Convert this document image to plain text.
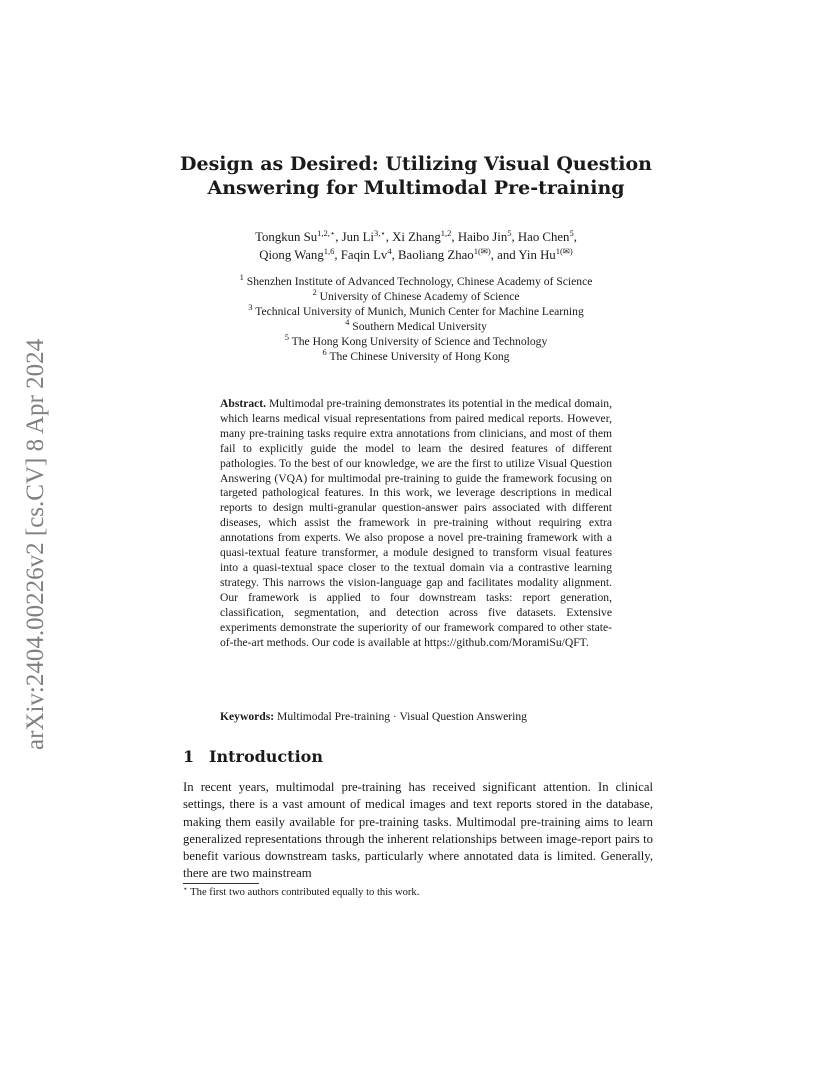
arXiv:2404.00226v2 [cs.CV] 8 Apr 2024
Design as Desired: Utilizing Visual Question
Answering for Multimodal Pre-training
Tongkun $Su^{1,2,⋆}$, Jun $Li^{3,⋆}$, Xi Zhang$^{1,2}$, Haibo Jin$^5$, Hao Chen$^5$,
Qiong Wang$^{1,6}$, Faqin Lv$^4$, Baoliang Zhao$^{1(✉)}$, and Yin $Hu^{1(✉)}$
$^1$ Shenzhen Institute of Advanced Technology, Chinese Academy of Science
$^2$ University of Chinese Academy of Science
$^3$ Technical University of Munich, Munich Center for Machine Learning
$^4$ Southern Medical University
$^5$ The Hong Kong University of Science and Technology
$^6$ The Chinese University of Hong Kong
Abstract. Multimodal pre-training demonstrates its potential in the medical domain, which learns medical visual representations from paired medical reports. However, many pre-training tasks require extra annotations from clinicians, and most of them fail to explicitly guide the model to learn the desired features of different pathologies. To the best of our knowledge, we are the first to utilize Visual Question Answering (VQA) for multimodal pre-training to guide the framework focusing on targeted pathological features. In this work, we leverage descriptions in medical reports to design multi-granular question-answer pairs associated with different diseases, which assist the framework in pre-training without requiring extra annotations from experts. We also propose a novel pre-training framework with a quasi-textual feature transformer, a module designed to transform visual features into a quasi-textual space closer to the textual domain via a contrastive learning strategy. This narrows the vision-language gap and facilitates modality alignment. Our framework is applied to four downstream tasks: report generation, classification, segmentation, and detection across five datasets. Extensive experiments demonstrate the superiority of our framework compared to other state-of-the-art methods. Our code is available at https://github.com/MoramiSu/QFT.
Keywords: Multimodal Pre-training · Visual Question Answering
1 Introduction
In recent years, multimodal pre-training has received significant attention. In clinical settings, there is a vast amount of medical images and text reports stored in the database, making them easily available for pre-training tasks. Multimodal pre-training aims to learn generalized representations through the inherent relationships between image-report pairs to benefit various downstream tasks, particularly where annotated data is limited. Generally, there are two mainstream
⋆ The first two authors contributed equally to this work.
